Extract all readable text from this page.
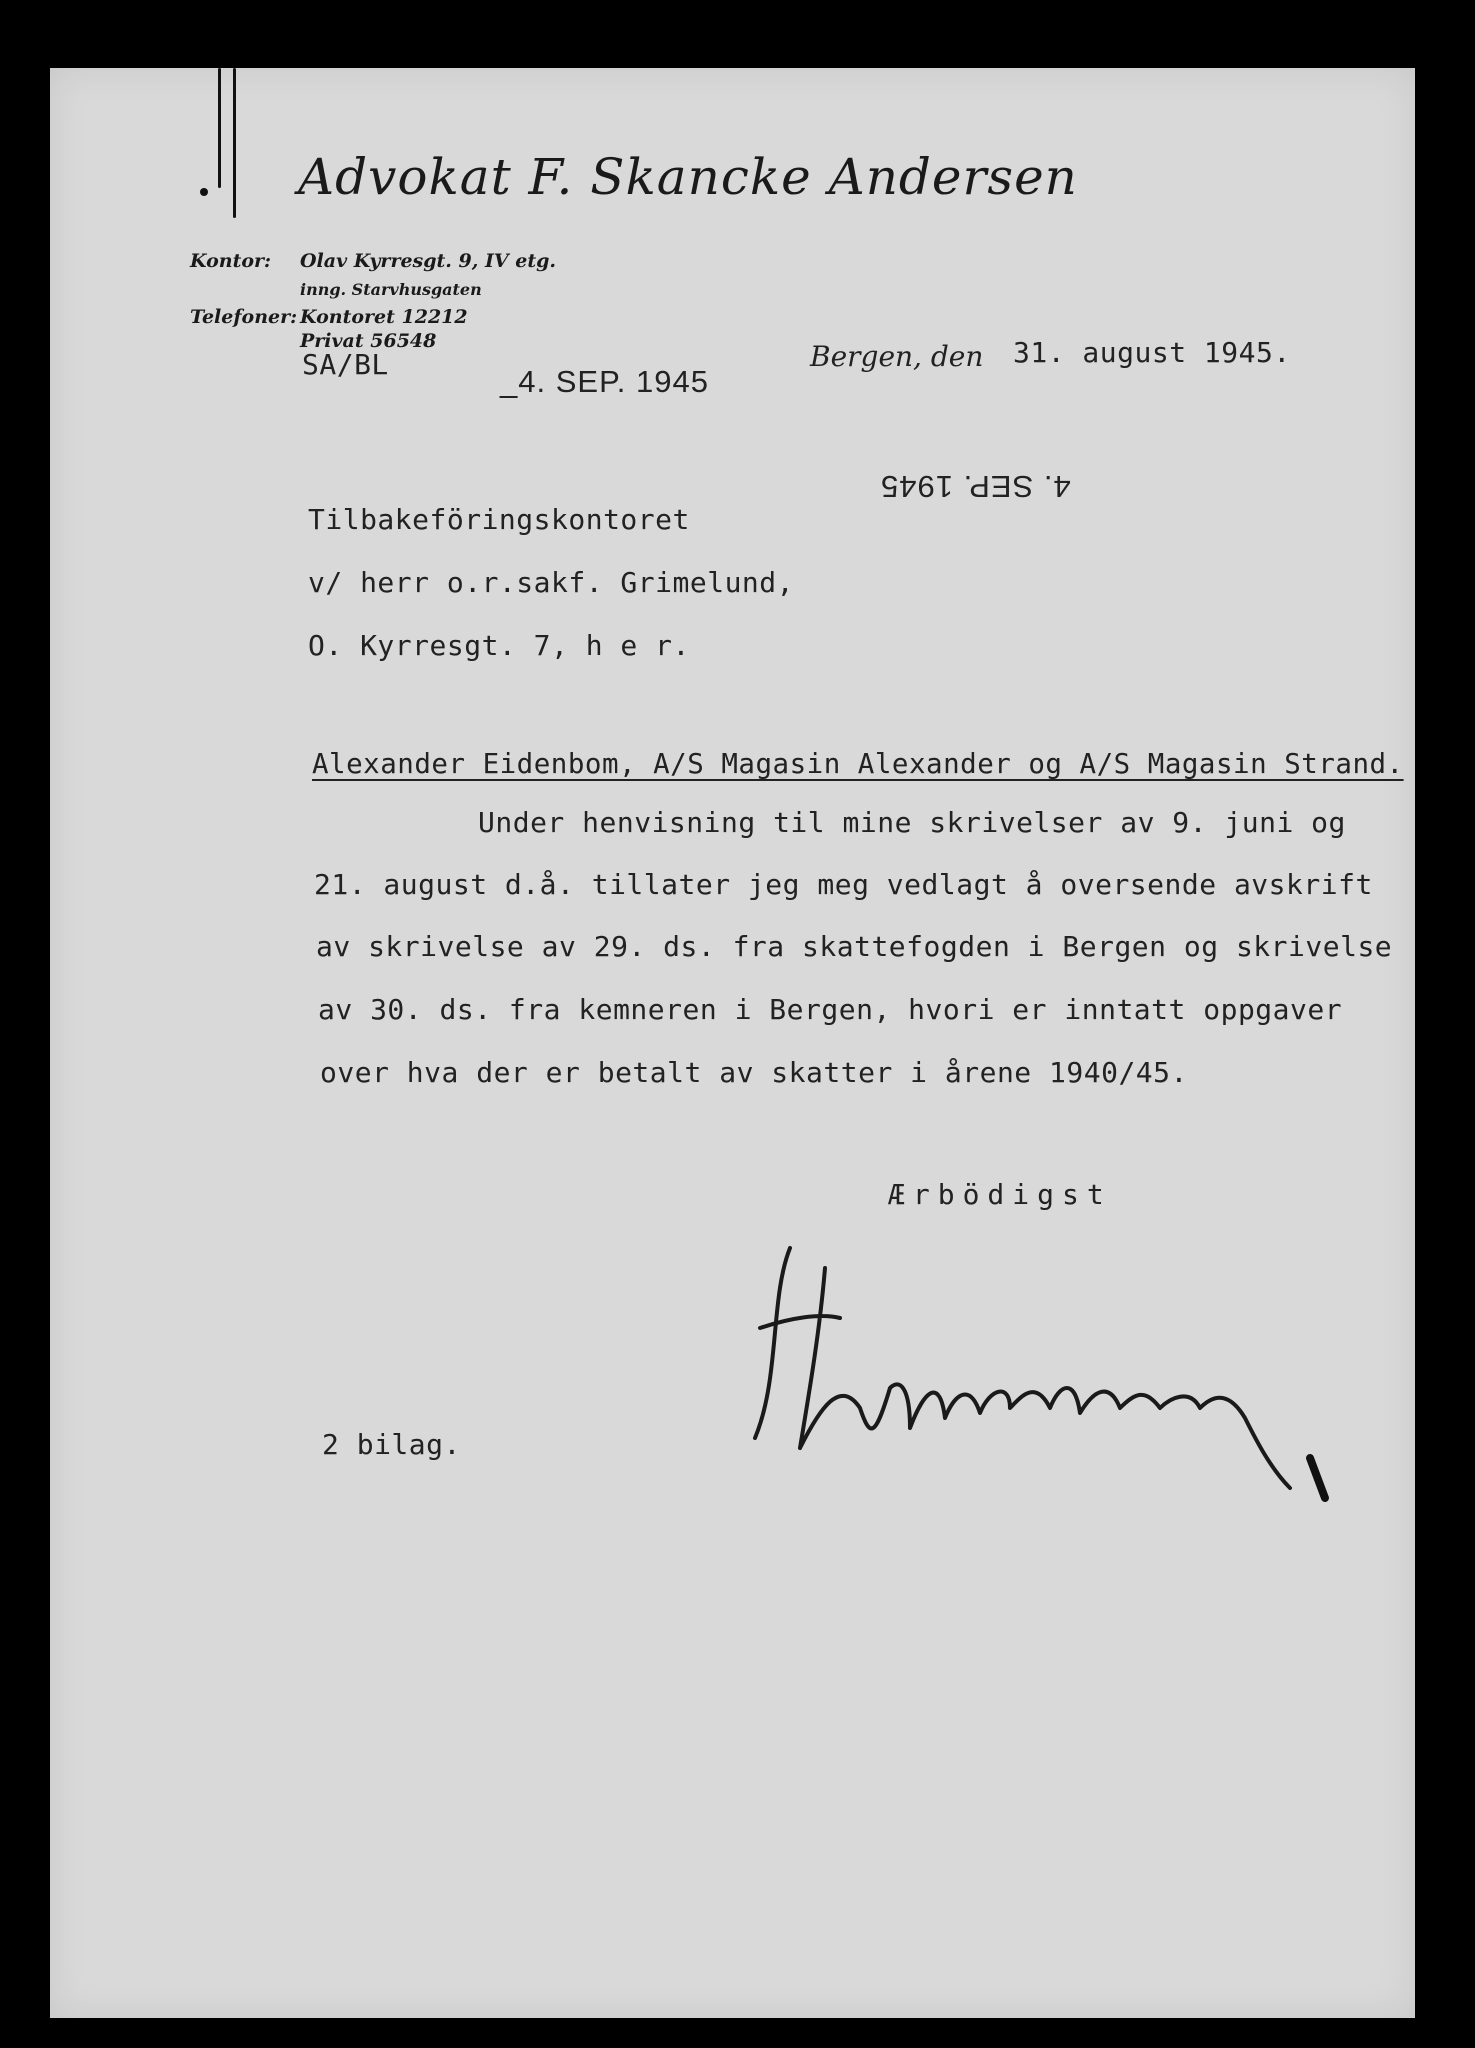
Advokat F. Skancke Andersen
Kontor: Olav Kyrresgt. 9, IV etg.
inng. Starvhusgaten
Telefoner: Kontoret 12212
Privat 56548
SA/BL	_4. SEP. 1945
Bergen, den 31. august 1945.
4. SEP. 1945
Tilbakeföringskontoret
v/ herr o.r.sakf. Grimelund,
O. Kyrresgt. 7, h e r.
Alexander Eidenbom, A/S Magasin Alexander og A/S Magasin Strand.
Under henvisning til mine skrivelser av 9. juni og
21. august d.å. tillater jeg meg vedlagt å oversende avskrift
av skrivelse av 29. ds. fra skattefogden i Bergen og skrivelse
av 30. ds. fra kemneren i Bergen, hvori er inntatt oppgaver
over hva der er betalt av skatter i årene 1940/45.
Ærbödigst
2 bilag.
